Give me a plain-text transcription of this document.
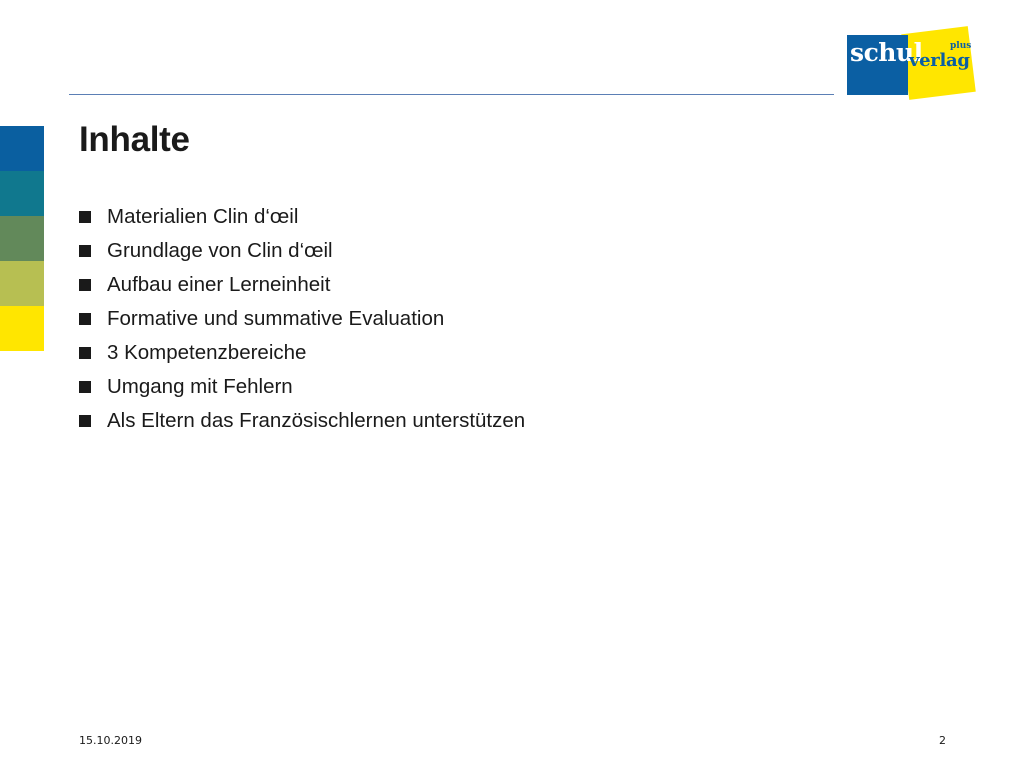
schul	plus
verlag
Inhalte
Materialien Clin d‘œil
Grundlage von Clin d‘œil
Aufbau einer Lerneinheit
Formative und summative Evaluation
3 Kompetenzbereiche
Umgang mit Fehlern
Als Eltern das Französischlernen unterstützen
15.10.2019	2
